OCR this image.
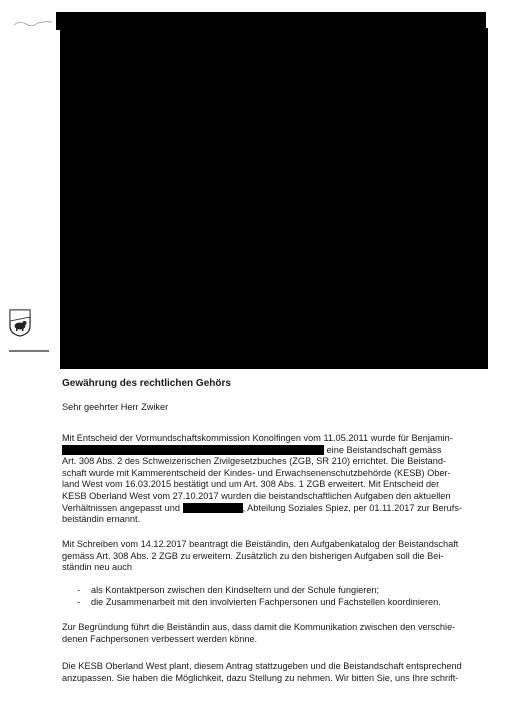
Gewährung des rechtlichen Gehörs
Sehr geehrter Herr Zwiker
Mit Entscheid der Vormundschaftskommission Konolfingen vom 11.05.2011 wurde für Benjamin-
eine Beistandschaft gemäss
Art. 308 Abs. 2 des Schweizerischen Zivilgesetzbuches (ZGB, SR 210) errichtet. Die Beistand-
schaft wurde mit Kammerentscheid der Kindes- und Erwachsenenschutzbehörde (KESB) Ober-
land West vom 16.03.2015 bestätigt und um Art. 308 Abs. 1 ZGB erweitert. Mit Entscheid der
KESB Oberland West vom 27.10.2017 wurden die beistandschaftlichen Aufgaben den aktuellen
Verhältnissen angepasst und	, Abteilung Soziales Spiez, per 01.11.2017 zur Berufs-
beiständin ernannt.
Mit Schreiben vom 14.12.2017 beantragt die Beiständin, den Aufgabenkatalog der Beistandschaft
gemäss Art. 308 Abs. 2 ZGB zu erweitern. Zusätzlich zu den bisherigen Aufgaben soll die Bei-
ständin neu auch
- als Kontaktperson zwischen den Kindseltern und der Schule fungieren;
- die Zusammenarbeit mit den involvierten Fachpersonen und Fachstellen koordinieren.
Zur Begründung führt die Beiständin aus, dass damit die Kommunikation zwischen den verschie-
denen Fachpersonen verbessert werden könne.
Die KESB Oberland West plant, diesem Antrag stattzugeben und die Beistandschaft entsprechend
anzupassen. Sie haben die Möglichkeit, dazu Stellung zu nehmen. Wir bitten Sie, uns Ihre schrift-
